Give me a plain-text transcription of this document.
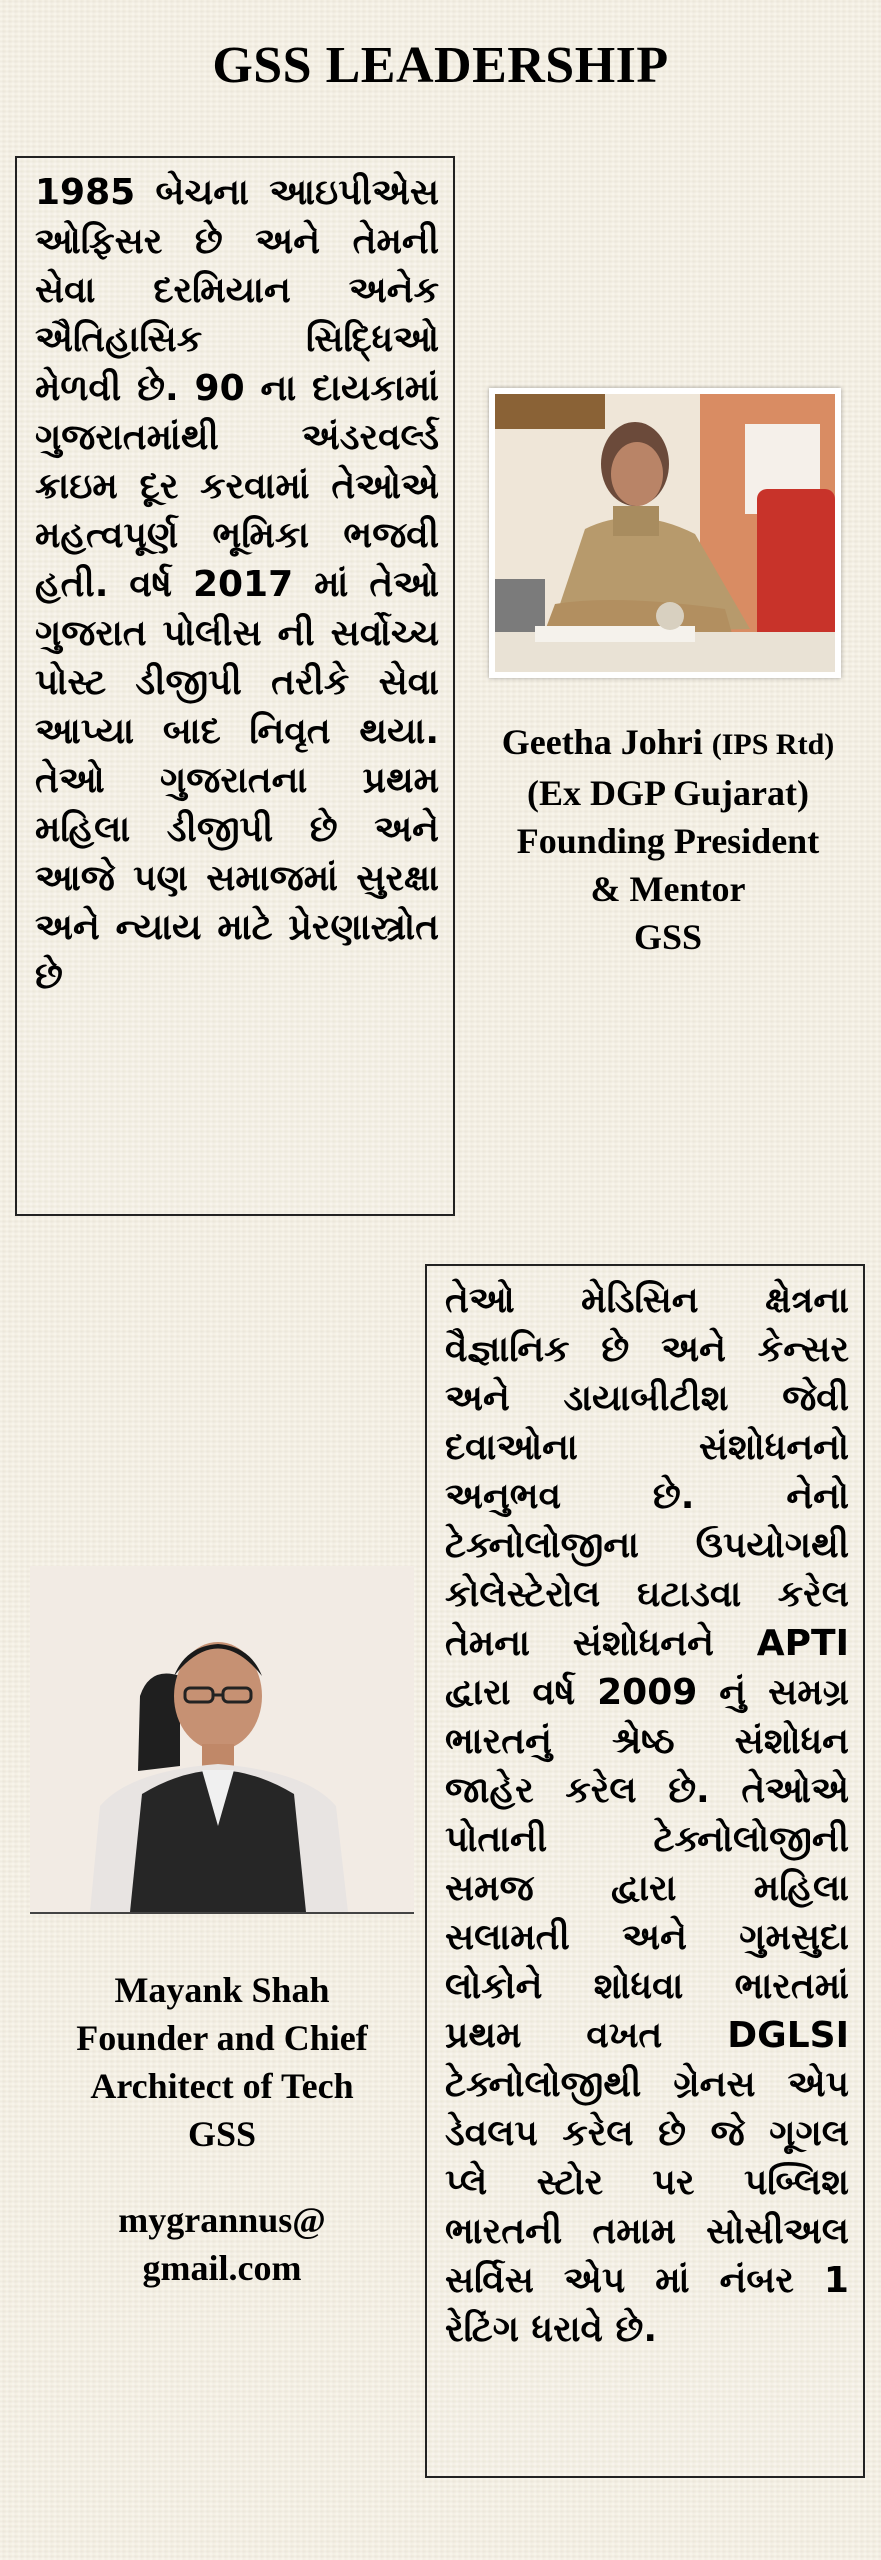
GSS LEADERSHIP
1985 બેચના આઇપીએસ ઓફિસર છે અને તેમની સેવા દરમિયાન અનેક ઐતિહાસિક સિદ્ધિઓ મેળવી છે. 90 ના દાયકામાં ગુજરાતમાંથી અંડરવર્લ્ડ ક્રાઇમ દૂર કરવામાં તેઓએ મહત્વપૂર્ણ ભૂમિકા ભજવી હતી. વર્ષ 2017 માં તેઓ ગુજરાત પોલીસ ની સર્વોચ્ચ પોસ્ટ ડીજીપી તરીકે સેવા આપ્યા બાદ નિવૃત થયા. તેઓ ગુજરાતના પ્રથમ મહિલા ડીજીપી છે અને આજે પણ સમાજમાં સુરક્ષા અને ન્યાય માટે પ્રેરણાસ્ત્રોત છે
Geetha Johri (IPS Rtd)
(Ex DGP Gujarat)
Founding President
& Mentor
GSS
Mayank Shah
Founder and Chief
Architect of Tech
GSS
mygrannus@
gmail.com
તેઓ મેડિસિન ક્ષેત્રના વૈજ્ઞાનિક છે અને કેન્સર અને ડાયાબીટીશ જેવી દવાઓના સંશોધનનો અનુભવ છે. નેનો ટેક્નોલોજીના ઉપયોગથી કોલેસ્ટેરોલ ઘટાડવા કરેલ તેમના સંશોધનને APTI દ્વારા વર્ષ 2009 નું સમગ્ર ભારતનું શ્રેષ્ઠ સંશોધન જાહેર કરેલ છે. તેઓએ પોતાની ટેક્નોલોજીની સમજ દ્વારા મહિલા સલામતી અને ગુમસુદા લોકોને શોધવા ભારતમાં પ્રથમ વખત DGLSI ટેક્નોલોજીથી ગ્રેનસ એપ ડેવલપ કરેલ છે જે ગૂગલ પ્લે સ્ટોર પર પબ્લિશ ભારતની તમામ સોસીઅલ સર્વિસ એપ માં નંબર 1 રેટિંગ ધરાવે છે.
